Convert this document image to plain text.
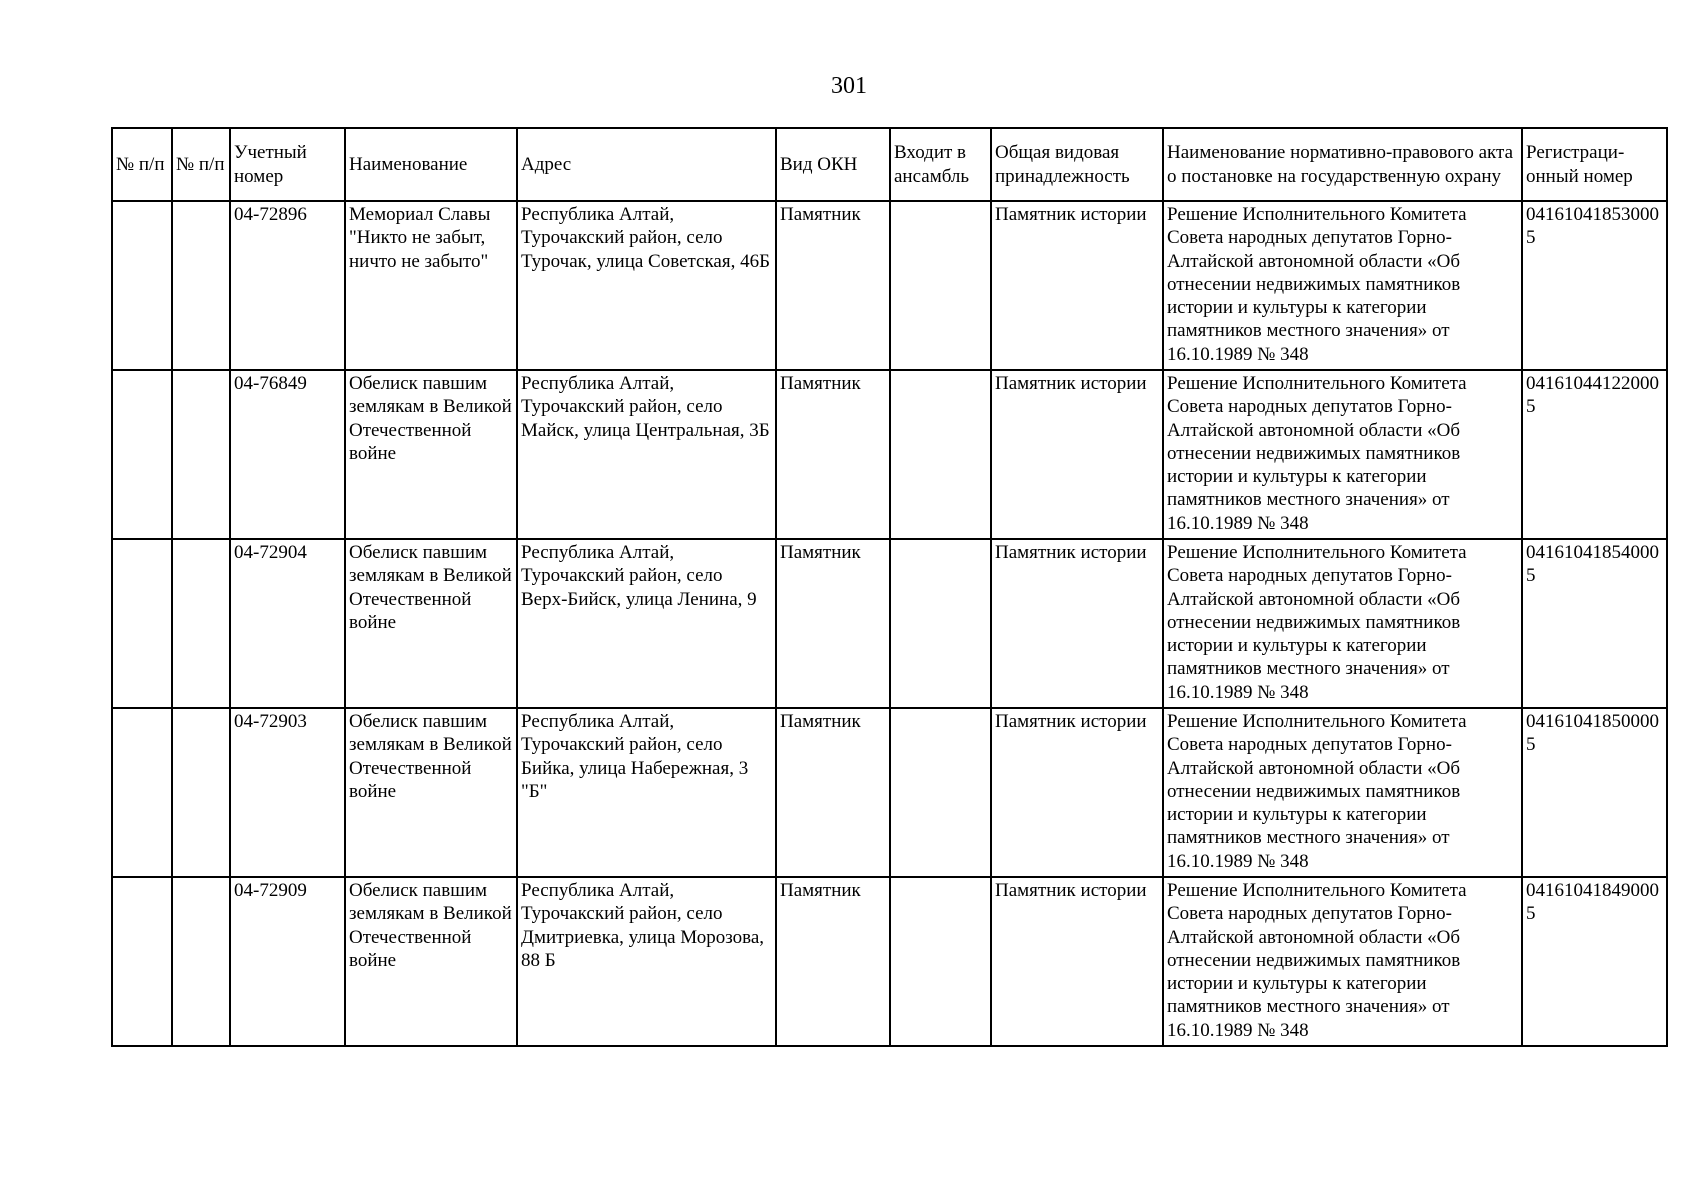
301
№ п/п	№ п/п	Учетный номер	Наименование	Адрес	Вид ОКН	Входит в ансамбль	Общая видовая принадлежность	Наименование нормативно-правового акта о постановке на государственную охрану	Регистраци-онный номер
		04-72896	Мемориал Славы "Никто не забыт, ничто не забыто"	Республика Алтай, Турочакский район, село Турочак, улица Советская, 46Б	Памятник		Памятник истории	Решение Исполнительного Комитета Совета народных депутатов Горно-Алтайской автономной области «Об отнесении недвижимых памятников истории и культуры к категории памятников местного значения» от 16.10.1989 № 348	041610418530005
		04-76849	Обелиск павшим землякам в Великой Отечественной войне	Республика Алтай, Турочакский район, село Майск, улица Центральная, 3Б	Памятник		Памятник истории	Решение Исполнительного Комитета Совета народных депутатов Горно-Алтайской автономной области «Об отнесении недвижимых памятников истории и культуры к категории памятников местного значения» от 16.10.1989 № 348	041610441220005
		04-72904	Обелиск павшим землякам в Великой Отечественной войне	Республика Алтай, Турочакский район, село Верх-Бийск, улица Ленина, 9	Памятник		Памятник истории	Решение Исполнительного Комитета Совета народных депутатов Горно-Алтайской автономной области «Об отнесении недвижимых памятников истории и культуры к категории памятников местного значения» от 16.10.1989 № 348	041610418540005
		04-72903	Обелиск павшим землякам в Великой Отечественной войне	Республика Алтай, Турочакский район, село Бийка, улица Набережная, 3 "Б"	Памятник		Памятник истории	Решение Исполнительного Комитета Совета народных депутатов Горно-Алтайской автономной области «Об отнесении недвижимых памятников истории и культуры к категории памятников местного значения» от 16.10.1989 № 348	041610418500005
		04-72909	Обелиск павшим землякам в Великой Отечественной войне	Республика Алтай, Турочакский район, село Дмитриевка, улица Морозова, 88 Б	Памятник		Памятник истории	Решение Исполнительного Комитета Совета народных депутатов Горно-Алтайской автономной области «Об отнесении недвижимых памятников истории и культуры к категории памятников местного значения» от 16.10.1989 № 348	041610418490005
